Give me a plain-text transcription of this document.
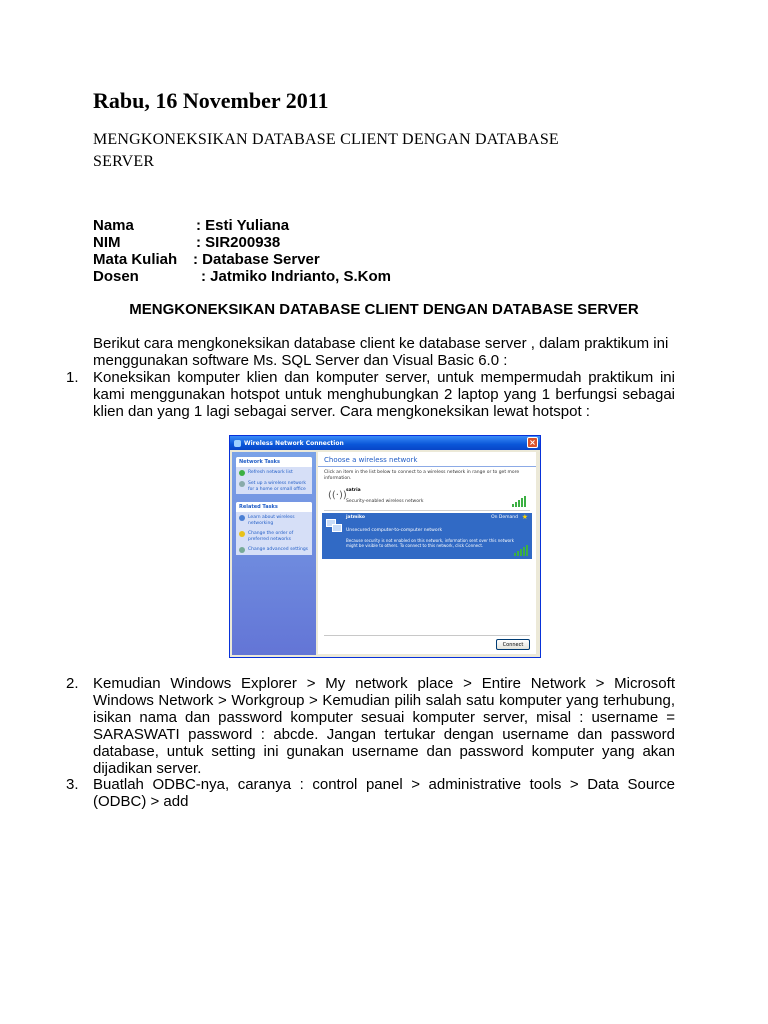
Rabu, 16 November 2011
MENGKONEKSIKAN DATABASE CLIENT DENGAN DATABASE
SERVER
Nama	: Esti Yuliana
NIM	: SIR200938
Mata Kuliah	: Database Server
Dosen	: Jatmiko Indrianto, S.Kom
MENGKONEKSIKAN DATABASE CLIENT DENGAN DATABASE SERVER
Berikut cara mengkoneksikan database client ke database server , dalam praktikum ini menggunakan software Ms. SQL Server dan Visual Basic 6.0 :
1. Koneksikan komputer klien dan komputer server, untuk mempermudah praktikum ini kami menggunakan hotspot untuk menghubungkan 2 laptop yang 1 berfungsi sebagai klien dan yang 1 lagi sebagai server. Cara mengkoneksikan lewat hotspot :
Wireless Network Connection	×
Network Tasks
Refresh network list
Set up a wireless network for a home or small office
Related Tasks
Learn about wireless networking
Change the order of preferred networks
Change advanced settings
Choose a wireless network
Click an item in the list below to connect to a wireless network in range or to get more information.
((·)) satria
Security-enabled wireless network
jatmiko	On Demand ★
Unsecured computer-to-computer network
Because security is not enabled on this network, information sent over this network might be visible to others. To connect to this network, click Connect.
Connect
2. Kemudian Windows Explorer > My network place > Entire Network > Microsoft Windows Network > Workgroup > Kemudian pilih salah satu komputer yang terhubung, isikan nama dan password komputer sesuai komputer server, misal : username = SARASWATI password : abcde. Jangan tertukar dengan username dan password database, untuk setting ini gunakan username dan password komputer yang akan dijadikan server.
3. Buatlah ODBC-nya, caranya : control panel > administrative tools > Data Source (ODBC) > add
